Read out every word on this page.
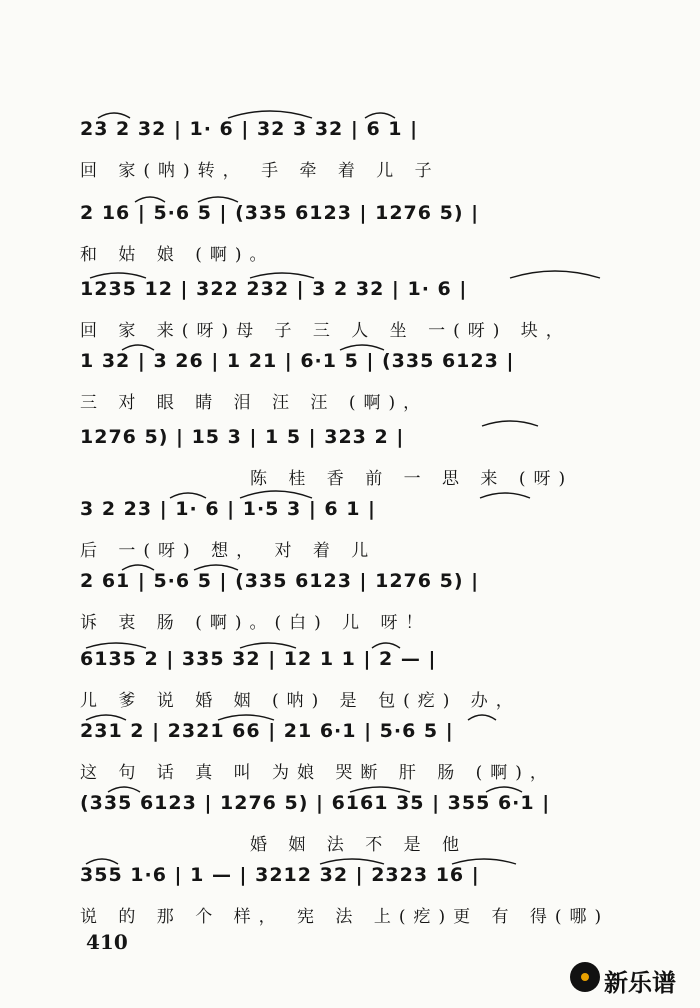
23 2 32 | 1· 6 | 32 3 32 | 6 1 |
回 家(呐)转， 手 牵 着 儿 子
2 16 | 5·6 5 | (335 6123 | 1276 5) |
和 姑 娘 (啊)。
1235 12 | 322 232 | 3 2 32 | 1· 6 |
回 家 来(呀)母 子 三 人 坐 一(呀) 块，
1 32 | 3 26 | 1 21 | 6·1 5 | (335 6123 |
三 对 眼 睛 泪 汪 汪 (啊)，
1276 5) | 15 3 | 1 5 | 323 2 |
陈 桂 香 前 一 思 来 (呀)
3 2 23 | 1· 6 | 1·5 3 | 6 1 |
后 一(呀) 想， 对 着 儿
2 61 | 5·6 5 | (335 6123 | 1276 5) |
诉 衷 肠 (啊)。(白) 儿 呀！
6135 2 | 335 32 | 12 1 1 | 2 — |
儿 爹 说 婚 姻 (呐) 是 包(疙) 办，
231 2 | 2321 66 | 21 6·1 | 5·6 5 |
这 句 话 真 叫 为娘 哭断 肝 肠 (啊)，
(335 6123 | 1276 5) | 6161 35 | 355 6·1 |
婚 姻 法 不 是 他
355 1·6 | 1 — | 3212 32 | 2323 16 |
说 的 那 个 样， 宪 法 上(疙)更 有 得(哪)
410
新乐谱
